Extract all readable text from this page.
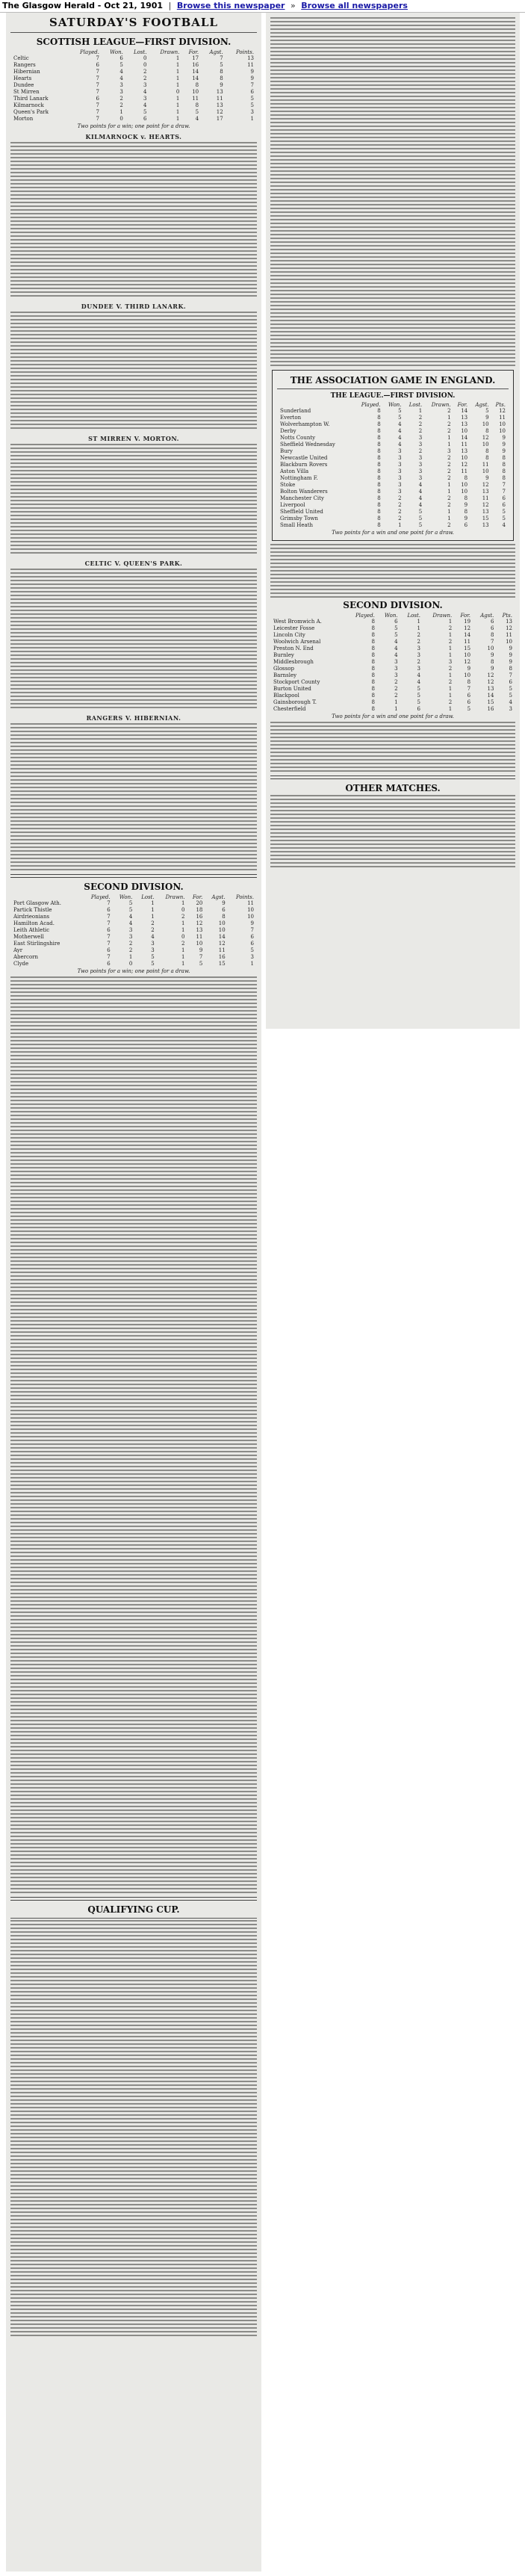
The Glasgow Herald - Oct 21, 1901 | Browse this newspaper » Browse all newspapers
SATURDAY'S FOOTBALL
SCOTTISH LEAGUE—FIRST DIVISION.
	Played.	Won.	Lost.	Drawn.	For.	Agst.	Points.
Celtic	7	6	0	1	17	7	13
Rangers	6	5	0	1	16	5	11
Hibernian	7	4	2	1	14	8	9
Hearts	7	4	2	1	14	8	9
Dundee	7	3	3	1	8	9	7
St Mirren	7	3	4	0	10	13	6
Third Lanark	6	2	3	1	11	11	5
Kilmarnock	7	2	4	1	8	13	5
Queen's Park	7	1	5	1	5	12	3
Morton	7	0	6	1	4	17	1
Two points for a win; one point for a draw.
KILMARNOCK v. HEARTS.
DUNDEE V. THIRD LANARK.
ST MIRREN V. MORTON.
CELTIC V. QUEEN'S PARK.
RANGERS V. HIBERNIAN.
SECOND DIVISION.
	Played.	Won.	Lost.	Drawn.	For.	Agst.	Points.
Port Glasgow Ath.	7	5	1	1	20	9	11
Partick Thistle	6	5	1	0	18	6	10
Airdrieonians	7	4	1	2	16	8	10
Hamilton Acad.	7	4	2	1	12	10	9
Leith Athletic	6	3	2	1	13	10	7
Motherwell	7	3	4	0	11	14	6
East Stirlingshire	7	2	3	2	10	12	6
Ayr	6	2	3	1	9	11	5
Abercorn	7	1	5	1	7	16	3
Clyde	6	0	5	1	5	15	1
Two points for a win; one point for a draw.
QUALIFYING CUP.
THE ASSOCIATION GAME IN ENGLAND.
THE LEAGUE.—FIRST DIVISION.
	Played.	Won.	Lost.	Drawn.	For.	Agst.	Pts.
Sunderland	8	5	1	2	14	5	12
Everton	8	5	2	1	13	9	11
Wolverhampton W.	8	4	2	2	13	10	10
Derby	8	4	2	2	10	8	10
Notts County	8	4	3	1	14	12	9
Sheffield Wednesday	8	4	3	1	11	10	9
Bury	8	3	2	3	13	8	9
Newcastle United	8	3	3	2	10	8	8
Blackburn Rovers	8	3	3	2	12	11	8
Aston Villa	8	3	3	2	11	10	8
Nottingham F.	8	3	3	2	8	9	8
Stoke	8	3	4	1	10	12	7
Bolton Wanderers	8	3	4	1	10	13	7
Manchester City	8	2	4	2	8	11	6
Liverpool	8	2	4	2	9	12	6
Sheffield United	8	2	5	1	8	13	5
Grimsby Town	8	2	5	1	9	15	5
Small Heath	8	1	5	2	6	13	4
Two points for a win and one point for a draw.
SECOND DIVISION.
	Played.	Won.	Lost.	Drawn.	For.	Agst.	Pts.
West Bromwich A.	8	6	1	1	19	6	13
Leicester Fosse	8	5	1	2	12	6	12
Lincoln City	8	5	2	1	14	8	11
Woolwich Arsenal	8	4	2	2	11	7	10
Preston N. End	8	4	3	1	15	10	9
Burnley	8	4	3	1	10	9	9
Middlesbrough	8	3	2	3	12	8	9
Glossop	8	3	3	2	9	9	8
Barnsley	8	3	4	1	10	12	7
Stockport County	8	2	4	2	8	12	6
Burton United	8	2	5	1	7	13	5
Blackpool	8	2	5	1	6	14	5
Gainsborough T.	8	1	5	2	6	15	4
Chesterfield	8	1	6	1	5	16	3
Two points for a win and one point for a draw.
OTHER MATCHES.
